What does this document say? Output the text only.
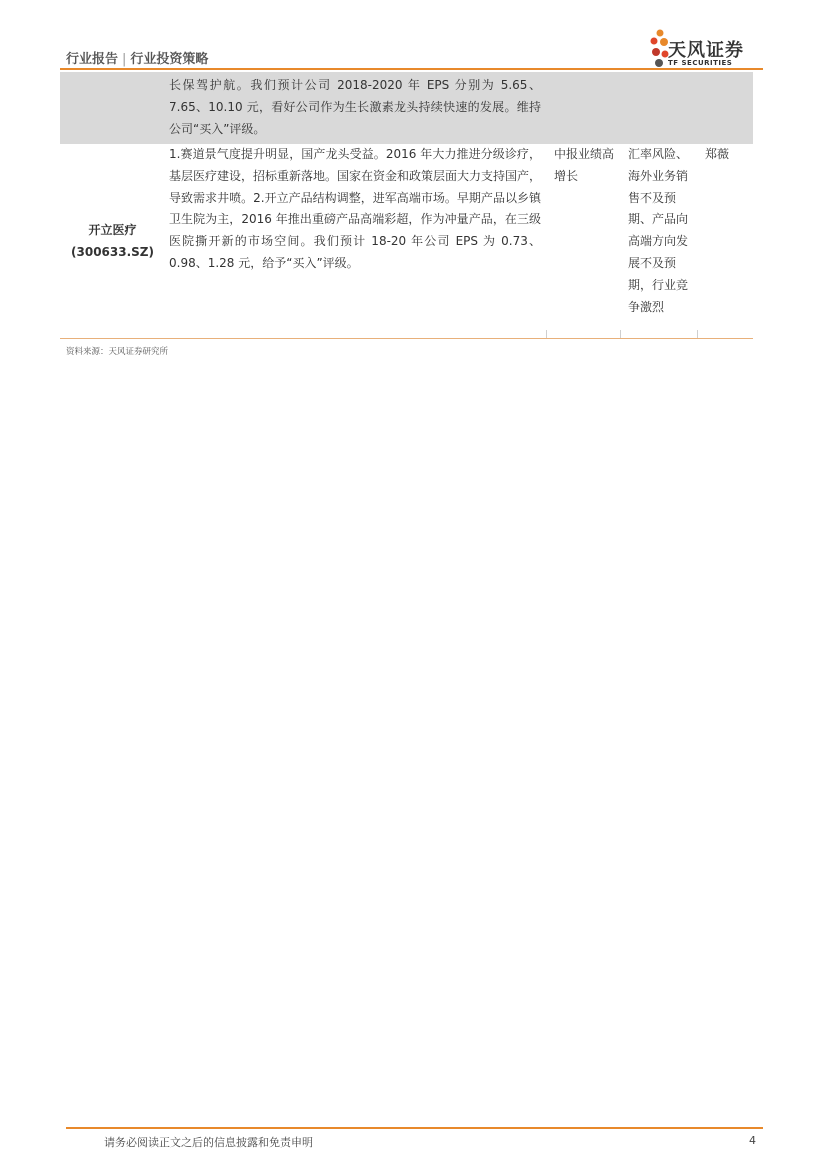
行业报告 | 行业投资策略	天风证券
TF SECURITIES
长保驾护航。我们预计公司 2018-2020 年 EPS 分别为 5.65、7.65、10.10 元，看好公司作为生长激素龙头持续快速的发展。维持公司“买入”评级。
开立医疗
(300633.SZ)
1.赛道景气度提升明显，国产龙头受益。2016 年大力推进分级诊疗，基层医疗建设，招标重新落地。国家在资金和政策层面大力支持国产，导致需求井喷。2.开立产品结构调整，进军高端市场。早期产品以乡镇卫生院为主，2016 年推出重磅产品高端彩超，作为冲量产品，在三级医院撕开新的市场空间。我们预计 18-20 年公司 EPS 为 0.73、0.98、1.28 元，给予“买入”评级。
中报业绩高增长
汇率风险、海外业务销售不及预期、产品向高端方向发展不及预期，行业竞争激烈
郑薇
资料来源：天风证券研究所
请务必阅读正文之后的信息披露和免责申明	4
